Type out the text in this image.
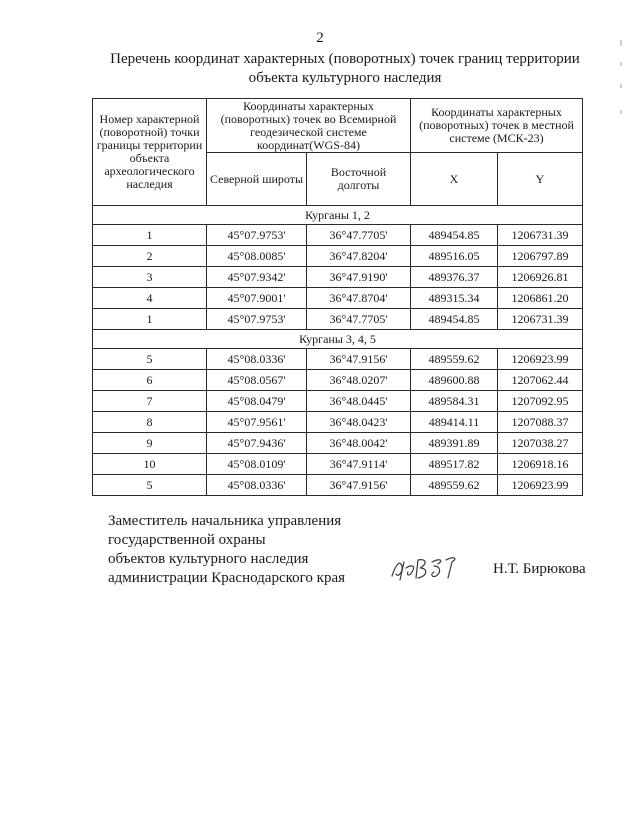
2
Перечень координат характерных (поворотных) точек границ территории
объекта культурного наследия
Номер характерной (поворотной) точки границы территории объекта археологического наследия	Координаты характерных (поворотных) точек во Всемирной геодезической системе координат(WGS-84)		Координаты характерных (поворотных) точек в местной системе (МСК-23)	
	Северной широты	Восточной долготы	X	Y
Курганы 1, 2				
1	45°07.9753'	36°47.7705'	489454.85	1206731.39
2	45°08.0085'	36°47.8204'	489516.05	1206797.89
3	45°07.9342'	36°47.9190'	489376.37	1206926.81
4	45°07.9001'	36°47.8704'	489315.34	1206861.20
1	45°07.9753'	36°47.7705'	489454.85	1206731.39
Курганы 3, 4, 5				
5	45°08.0336'	36°47.9156'	489559.62	1206923.99
6	45°08.0567'	36°48.0207'	489600.88	1207062.44
7	45°08.0479'	36°48.0445'	489584.31	1207092.95
8	45°07.9561'	36°48.0423'	489414.11	1207088.37
9	45°07.9436'	36°48.0042'	489391.89	1207038.27
10	45°08.0109'	36°47.9114'	489517.82	1206918.16
5	45°08.0336'	36°47.9156'	489559.62	1206923.99
Заместитель начальника управления
государственной охраны
объектов культурного наследия
администрации Краснодарского края
Н.Т. Бирюкова
